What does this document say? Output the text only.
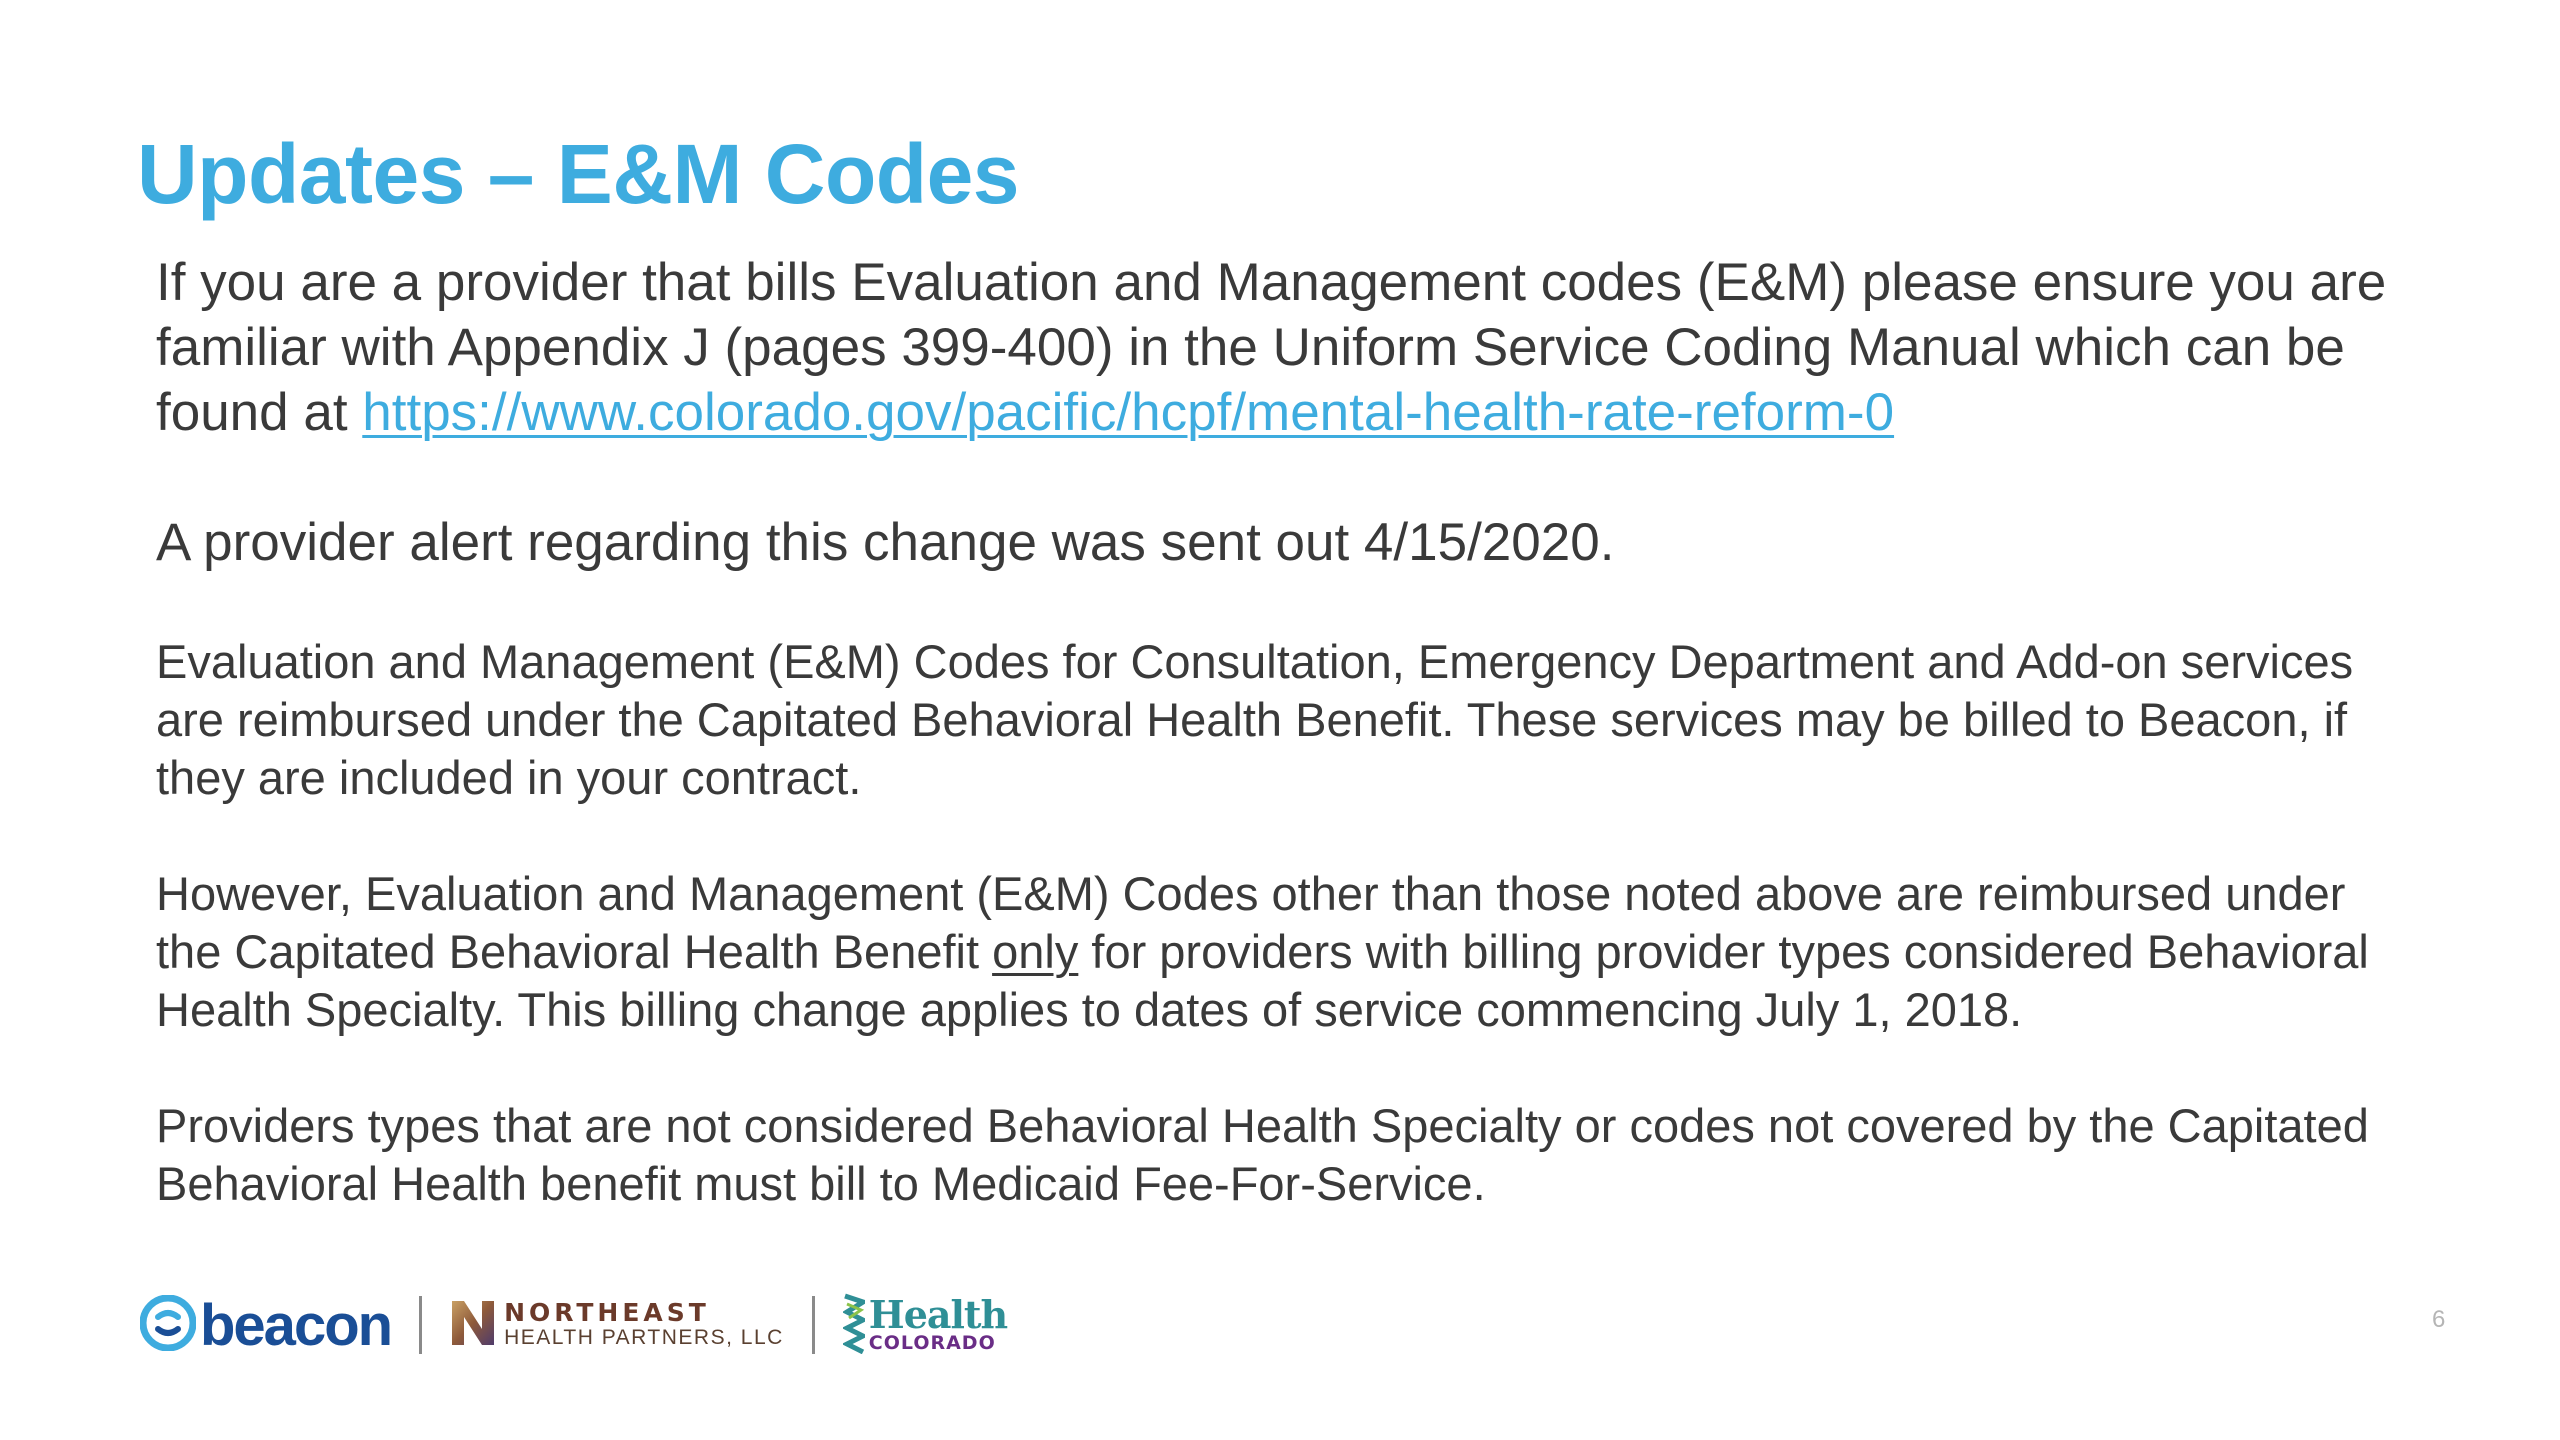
Updates – E&M Codes

If you are a provider that bills Evaluation and Management codes (E&M) please ensure you are familiar with Appendix J (pages 399-400) in the Uniform Service Coding Manual which can be found at https://www.colorado.gov/pacific/hcpf/mental-health-rate-reform-0

A provider alert regarding this change was sent out 4/15/2020.

Evaluation and Management (E&M) Codes for Consultation, Emergency Department and Add-on services are reimbursed under the Capitated Behavioral Health Benefit. These services may be billed to Beacon, if they are included in your contract.

However, Evaluation and Management (E&M) Codes other than those noted above are reimbursed under the Capitated Behavioral Health Benefit only for providers with billing provider types considered Behavioral Health Specialty. This billing change applies to dates of service commencing July 1, 2018.

Providers types that are not considered Behavioral Health Specialty or codes not covered by the Capitated Behavioral Health benefit must bill to Medicaid Fee-For-Service.

beacon	NORTHEAST
HEALTH PARTNERS, LLC
Health
COLORADO
6
